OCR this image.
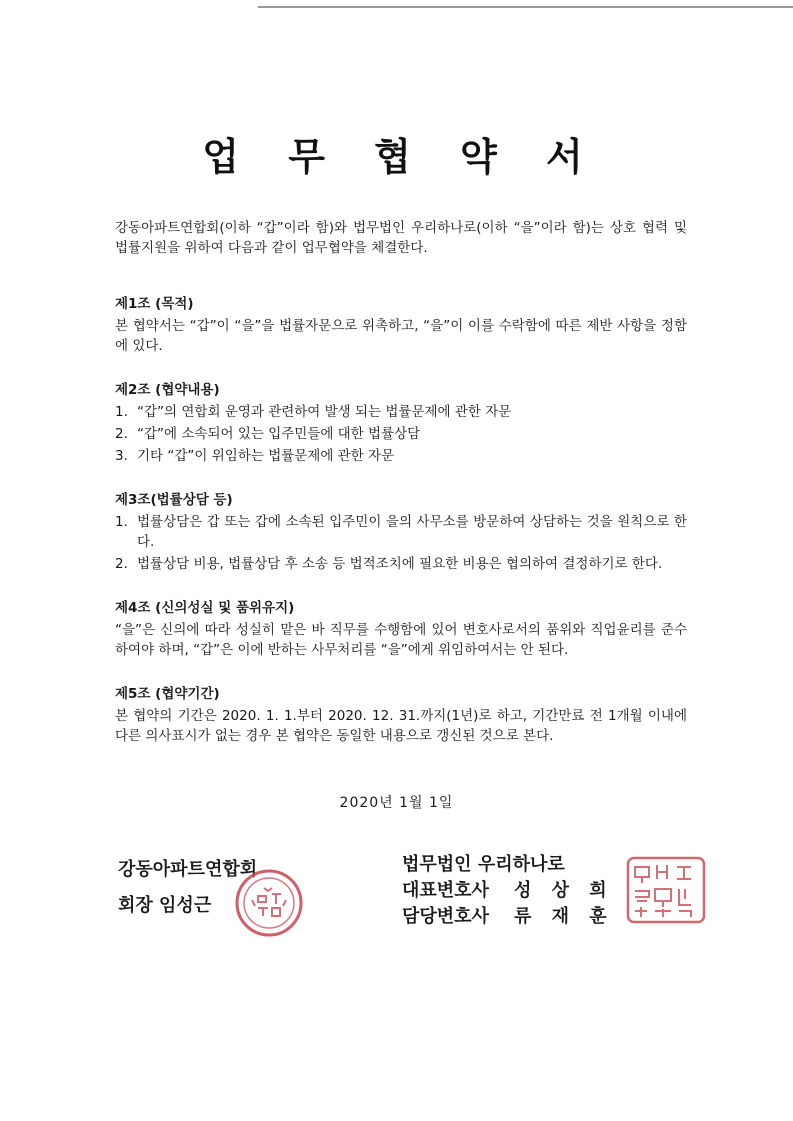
업 무 협 약 서

강동아파트연합회(이하 “갑”이라 함)와 법무법인 우리하나로(이하 “을”이라 함)는 상호 협력 및 법률지원을 위하여 다음과 같이 업무협약을 체결한다.

제1조 (목적)
본 협약서는 “갑”이 “을”을 법률자문으로 위촉하고, “을”이 이를 수락함에 따른 제반 사항을 정함에 있다.
제2조 (협약내용)
1. “갑”의 연합회 운영과 관련하여 발생 되는 법률문제에 관한 자문
2. “갑”에 소속되어 있는 입주민들에 대한 법률상담
3. 기타 “갑”이 위임하는 법률문제에 관한 자문
제3조(법률상담 등)
1. 법률상담은 갑 또는 갑에 소속된 입주민이 을의 사무소를 방문하여 상담하는 것을 원칙으로 한다.
2. 법률상담 비용, 법률상담 후 소송 등 법적조치에 필요한 비용은 협의하여 결정하기로 한다.
제4조 (신의성실 및 품위유지)
“을”은 신의에 따라 성실히 맡은 바 직무를 수행함에 있어 변호사로서의 품위와 직업윤리를 준수하여야 하며, “갑”은 이에 반하는 사무처리를 “을”에게 위임하여서는 안 된다.
제5조 (협약기간)
본 협약의 기간은 2020. 1. 1.부터 2020. 12. 31.까지(1년)로 하고, 기간만료 전 1개월 이내에 다른 의사표시가 없는 경우 본 협약은 동일한 내용으로 갱신된 것으로 본다.
2020년 1월 1일
강동아파트연합회
회장 임성근
법무법인 우리하나로
대표변호사	성 상 희
담당변호사	류 재 훈
